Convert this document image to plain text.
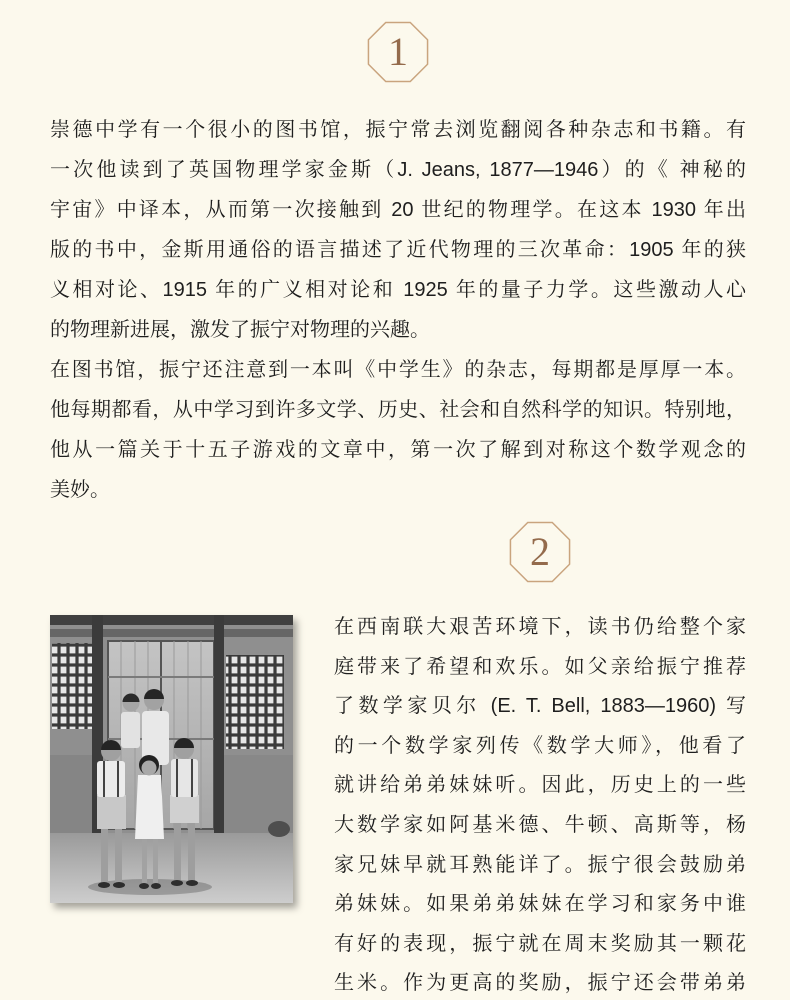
1
崇德中学有一个很小的图书馆，振宁常去浏览翻阅各种杂志和书籍。有
一次他读到了英国物理学家金斯（J. Jeans, 1877—1946）的《 神秘的
宇宙》中译本，从而第一次接触到 20 世纪的物理学。在这本 1930 年出
版的书中，金斯用通俗的语言描述了近代物理的三次革命：1905 年的狭
义相对论、1915 年的广义相对论和 1925 年的量子力学。这些激动人心
的物理新进展，激发了振宁对物理的兴趣。
在图书馆，振宁还注意到一本叫《中学生》的杂志，每期都是厚厚一本。
他每期都看，从中学习到许多文学、历史、社会和自然科学的知识。特别地，
他从一篇关于十五子游戏的文章中，第一次了解到对称这个数学观念的
美妙。
2
在西南联大艰苦环境下，读书仍给整个家
庭带来了希望和欢乐。如父亲给振宁推荐
了数学家贝尔 (E. T. Bell, 1883—1960) 写
的一个数学家列传《数学大师》，他看了
就讲给弟弟妹妹听。因此，历史上的一些
大数学家如阿基米德、牛顿、高斯等，杨
家兄妹早就耳熟能详了。振宁很会鼓励弟
弟妹妹。如果弟弟妹妹在学习和家务中谁
有好的表现，振宁就在周末奖励其一颗花
生米。作为更高的奖励，振宁还会带弟弟
